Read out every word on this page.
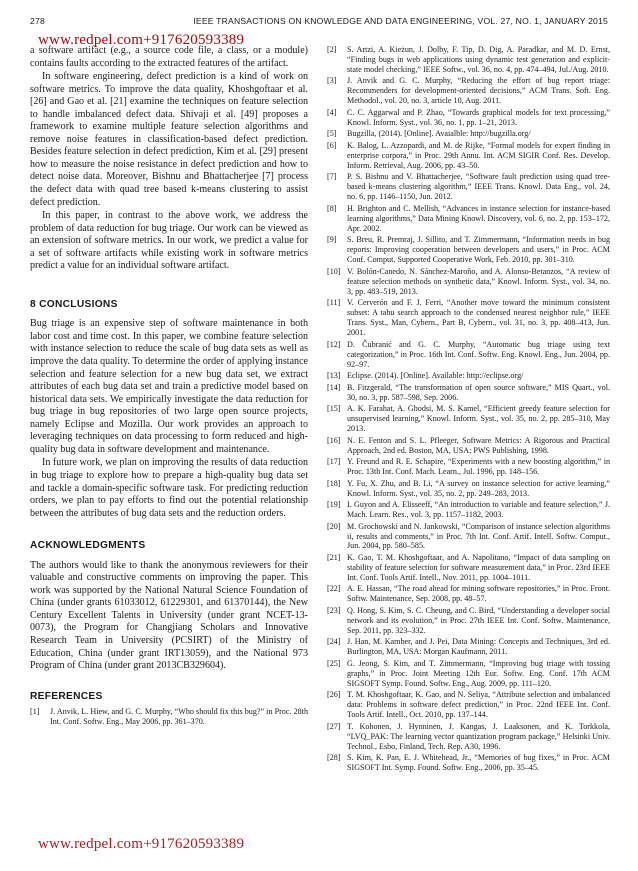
278	IEEE TRANSACTIONS ON KNOWLEDGE AND DATA ENGINEERING, VOL. 27, NO. 1, JANUARY 2015

a software artifact (e.g., a source code file, a class, or a module) contains faults according to the extracted features of the artifact.

In software engineering, defect prediction is a kind of work on software metrics. To improve the data quality, Khoshgoftaar et al. [26] and Gao et al. [21] examine the techniques on feature selection to handle imbalanced defect data. Shivaji et al. [49] proposes a framework to examine multiple feature selection algorithms and remove noise features in classification-based defect prediction. Besides feature selection in defect prediction, Kim et al. [29] present how to measure the noise resistance in defect prediction and how to detect noise data. Moreover, Bishnu and Bhattacherjee [7] process the defect data with quad tree based k-means clustering to assist defect prediction.

In this paper, in contrast to the above work, we address the problem of data reduction for bug triage. Our work can be viewed as an extension of software metrics. In our work, we predict a value for a set of software artifacts while existing work in software metrics predict a value for an individual software artifact.

8 CONCLUSIONS

Bug triage is an expensive step of software maintenance in both labor cost and time cost. In this paper, we combine feature selection with instance selection to reduce the scale of bug data sets as well as improve the data quality. To determine the order of applying instance selection and feature selection for a new bug data set, we extract attributes of each bug data set and train a predictive model based on historical data sets. We empirically investigate the data reduction for bug triage in bug repositories of two large open source projects, namely Eclipse and Mozilla. Our work provides an approach to leveraging techniques on data processing to form reduced and high-quality bug data in software development and maintenance.

In future work, we plan on improving the results of data reduction in bug triage to explore how to prepare a high-quality bug data set and tackle a domain-specific software task. For predicting reduction orders, we plan to pay efforts to find out the potential relationship between the attributes of bug data sets and the reduction orders.

ACKNOWLEDGMENTS

The authors would like to thank the anonymous reviewers for their valuable and constructive comments on improving the paper. This work was supported by the National Natural Science Foundation of China (under grants 61033012, 61229301, and 61370144), the New Century Excellent Talents in University (under grant NCET-13-0073), the Program for Changjiang Scholars and Innovative Research Team in University (PCSIRT) of the Ministry of Education, China (under grant IRT13059), and the National 973 Program of China (under grant 2013CB329604).

REFERENCES
[1]	J. Anvik, L. Hiew, and G. C. Murphy, “Who should fix this bug?” in Proc. 28th Int. Conf. Softw. Eng., May 2006, pp. 361–370.
[2]	S. Artzi, A. Kieżun, J. Dolby, F. Tip, D. Dig, A. Paradkar, and M. D. Ernst, “Finding bugs in web applications using dynamic test generation and explicit-state model checking,” IEEE Softw., vol. 36, no. 4, pp. 474–494, Jul./Aug. 2010.
[3]	J. Anvik and G. C. Murphy, “Reducing the effort of bug report triage: Recommenders for development-oriented decisions,” ACM Trans. Soft. Eng. Methodol., vol. 20, no. 3, article 10, Aug. 2011.
[4]	C. C. Aggarwal and P. Zhao, “Towards graphical models for text processing,” Knowl. Inform. Syst., vol. 36, no. 1, pp. 1–21, 2013.
[5]	Bugzilla, (2014). [Online]. Avaialble: http://bugzilla.org/
[6]	K. Balog, L. Azzopardi, and M. de Rijke, “Formal models for expert finding in enterprise corpora,” in Proc. 29th Annu. Int. ACM SIGIR Conf. Res. Develop. Inform. Retrieval, Aug. 2006, pp. 43–50.
[7]	P. S. Bishnu and V. Bhattacherjee, “Software fault prediction using quad tree-based k-means clustering algorithm,” IEEE Trans. Knowl. Data Eng., vol. 24, no. 6, pp. 1146–1150, Jun. 2012.
[8]	H. Brighton and C. Mellish, “Advances in instance selection for instance-based learning algorithms,” Data Mining Knowl. Discovery, vol. 6, no. 2, pp. 153–172, Apr. 2002.
[9]	S. Breu, R. Premraj, J. Sillito, and T. Zimmermann, “Information needs in bug reports: Improving cooperation between developers and users,” in Proc. ACM Conf. Comput. Supported Cooperative Work, Feb. 2010, pp. 301–310.
[10] V. Bolón-Canedo, N. Sánchez-Maroño, and A. Alonso-Betanzos, “A review of feature selection methods on synthetic data,” Knowl. Inform. Syst., vol. 34, no. 3, pp. 483–519, 2013.
[11] V. Cerverón and F. J. Ferri, “Another move toward the minimum consistent subset: A tabu search approach to the condensed nearest neighbor rule,” IEEE Trans. Syst., Man, Cybern., Part B, Cybern., vol. 31, no. 3, pp. 408–413, Jun. 2001.
[12] D. Čubranić and G. C. Murphy, “Automatic bug triage using text categorization,” in Proc. 16th Int. Conf. Softw. Eng. Knowl. Eng., Jun. 2004, pp. 92–97.
[13] Eclipse. (2014). [Online]. Available: http://eclipse.org/
[14] B. Fitzgerald, “The transformation of open source software,” MIS Quart., vol. 30, no. 3, pp. 587–598, Sep. 2006.
[15] A. K. Farahat, A. Ghodsi, M. S. Kamel, “Efficient greedy feature selection for unsupervised learning,” Knowl. Inform. Syst., vol. 35, no. 2, pp. 285–310, May 2013.
[16] N. E. Fenton and S. L. Pfleeger, Software Metrics: A Rigorous and Practical Approach, 2nd ed. Boston, MA, USA: PWS Publishing, 1998.
[17] Y. Freund and R. E. Schapire, “Experiments with a new boosting algorithm,” in Proc. 13th Int. Conf. Mach. Learn., Jul. 1996, pp. 148–156.
[18] Y. Fu, X. Zhu, and B. Li, “A survey on instance selection for active learning,” Knowl. Inform. Syst., vol. 35, no. 2, pp. 249–283, 2013.
[19] I. Guyon and A. Elisseeff, “An introduction to variable and feature selection,” J. Mach. Learn. Res., vol. 3, pp. 1157–1182, 2003.
[20] M. Grochowski and N. Jankowski, “Comparison of instance selection algorithms ii, results and comments,” in Proc. 7th Int. Conf. Artif. Intell. Softw. Comput., Jun. 2004, pp. 580–585.
[21] K. Gao, T. M. Khoshgoftaar, and A. Napolitano, “Impact of data sampling on stability of feature selection for software measurement data,” in Proc. 23rd IEEE Int. Conf. Tools Artif. Intell., Nov. 2011, pp. 1004–1011.
[22] A. E. Hassan, “The road ahead for mining software repositories,” in Proc. Front. Softw. Maintenance, Sep. 2008, pp. 48–57.
[23] Q. Hong, S. Kim, S. C. Cheung, and C. Bird, “Understanding a developer social network and its evolution,” in Proc. 27th IEEE Int. Conf. Softw. Maintenance, Sep. 2011, pp. 323–332.
[24] J. Han, M. Kamber, and J. Pei, Data Mining: Concepts and Techniques, 3rd ed. Burlington, MA, USA: Morgan Kaufmann, 2011.
[25] G. Jeong, S. Kim, and T. Zimmermann, “Improving bug triage with tossing graphs,” in Proc. Joint Meeting 12th Eur. Softw. Eng. Conf. 17th ACM SIGSOFT Symp. Found. Softw. Eng., Aug. 2009, pp. 111–120.
[26] T. M. Khoshgoftaar, K. Gao, and N. Seliya, “Attribute selection and imbalanced data: Problems in software defect prediction,” in Proc. 22nd IEEE Int. Conf. Tools Artif. Intell., Oct. 2010, pp. 137–144.
[27] T. Kohonen, J. Hynninen, J. Kangas, J. Laaksonen, and K. Torkkola, “LVQ_PAK: The learning vector quantization program package,” Helsinki Univ. Technol., Esbo, Finland, Tech. Rep. A30, 1996.
[28] S. Kim, K. Pan, E. J. Whitehead, Jr., “Memories of bug fixes,” in Proc. ACM SIGSOFT Int. Symp. Found. Softw. Eng., 2006, pp. 35–45.
www.redpel.com+917620593389
www.redpel.com+917620593389
